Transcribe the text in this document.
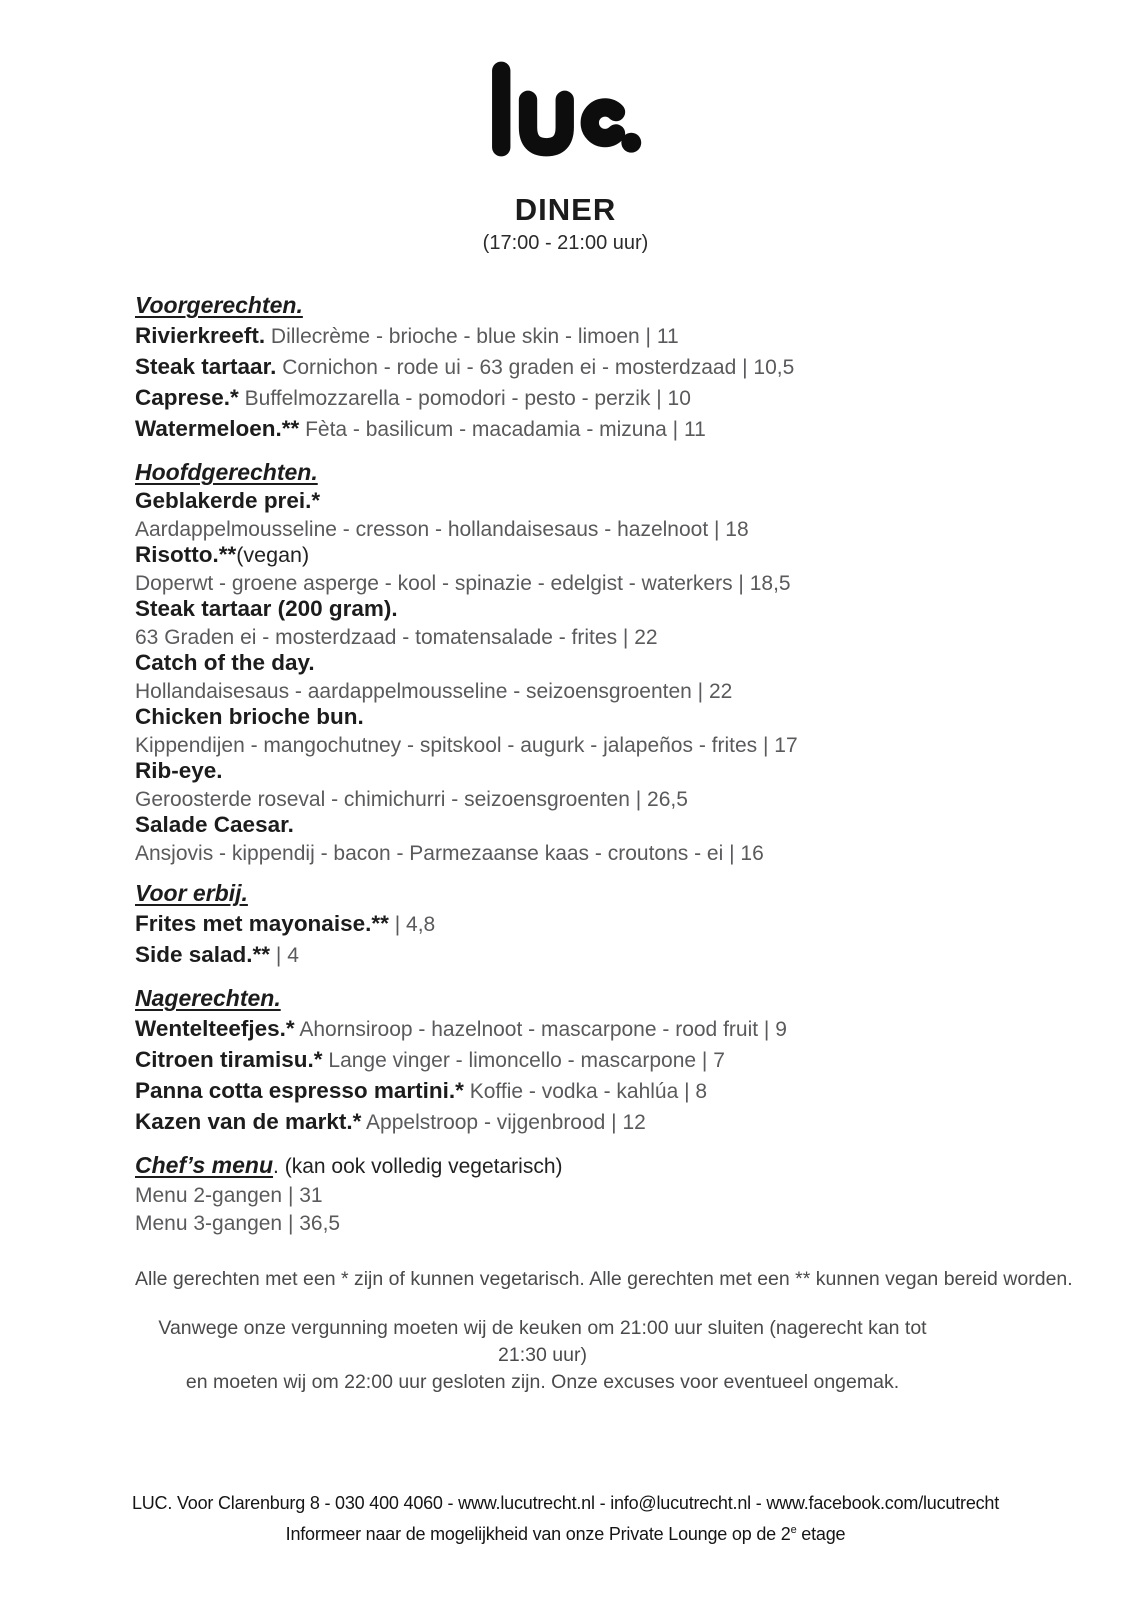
DINER
(17:00 - 21:00 uur)
Voorgerechten.

Rivierkreeft. Dillecrème - brioche - blue skin - limoen | 11

Steak tartaar. Cornichon - rode ui - 63 graden ei - mosterdzaad | 10,5

Caprese.* Buffelmozzarella - pomodori - pesto - perzik | 10

Watermeloen.** Fèta - basilicum - macadamia - mizuna | 11

Hoofdgerechten.

Geblakerde prei.*

Aardappelmousseline - cresson - hollandaisesaus - hazelnoot | 18

Risotto.**(vegan)

Doperwt - groene asperge - kool - spinazie - edelgist - waterkers | 18,5

Steak tartaar (200 gram).

63 Graden ei - mosterdzaad - tomatensalade - frites | 22

Catch of the day.

Hollandaisesaus - aardappelmousseline - seizoensgroenten | 22

Chicken brioche bun.

Kippendijen - mangochutney - spitskool - augurk - jalapeños - frites | 17

Rib-eye.

Geroosterde roseval - chimichurri - seizoensgroenten | 26,5

Salade Caesar.

Ansjovis - kippendij - bacon - Parmezaanse kaas - croutons - ei | 16

Voor erbij.

Frites met mayonaise.** | 4,8

Side salad.** | 4

Nagerechten.

Wentelteefjes.* Ahornsiroop - hazelnoot - mascarpone - rood fruit | 9

Citroen tiramisu.* Lange vinger - limoncello - mascarpone | 7

Panna cotta espresso martini.* Koffie - vodka - kahlúa | 8

Kazen van de markt.* Appelstroop - vijgenbrood | 12

Chef’s menu. (kan ook volledig vegetarisch)

Menu 2-gangen | 31

Menu 3-gangen | 36,5

Alle gerechten met een * zijn of kunnen vegetarisch. Alle gerechten met een ** kunnen vegan bereid worden.

Vanwege onze vergunning moeten wij de keuken om 21:00 uur sluiten (nagerecht kan tot 21:30 uur)
en moeten wij om 22:00 uur gesloten zijn. Onze excuses voor eventueel ongemak.

LUC. Voor Clarenburg 8 - 030 400 4060 - www.lucutrecht.nl - info@lucutrecht.nl - www.facebook.com/lucutrecht

Informeer naar de mogelijkheid van onze Private Lounge op de 2e etage
